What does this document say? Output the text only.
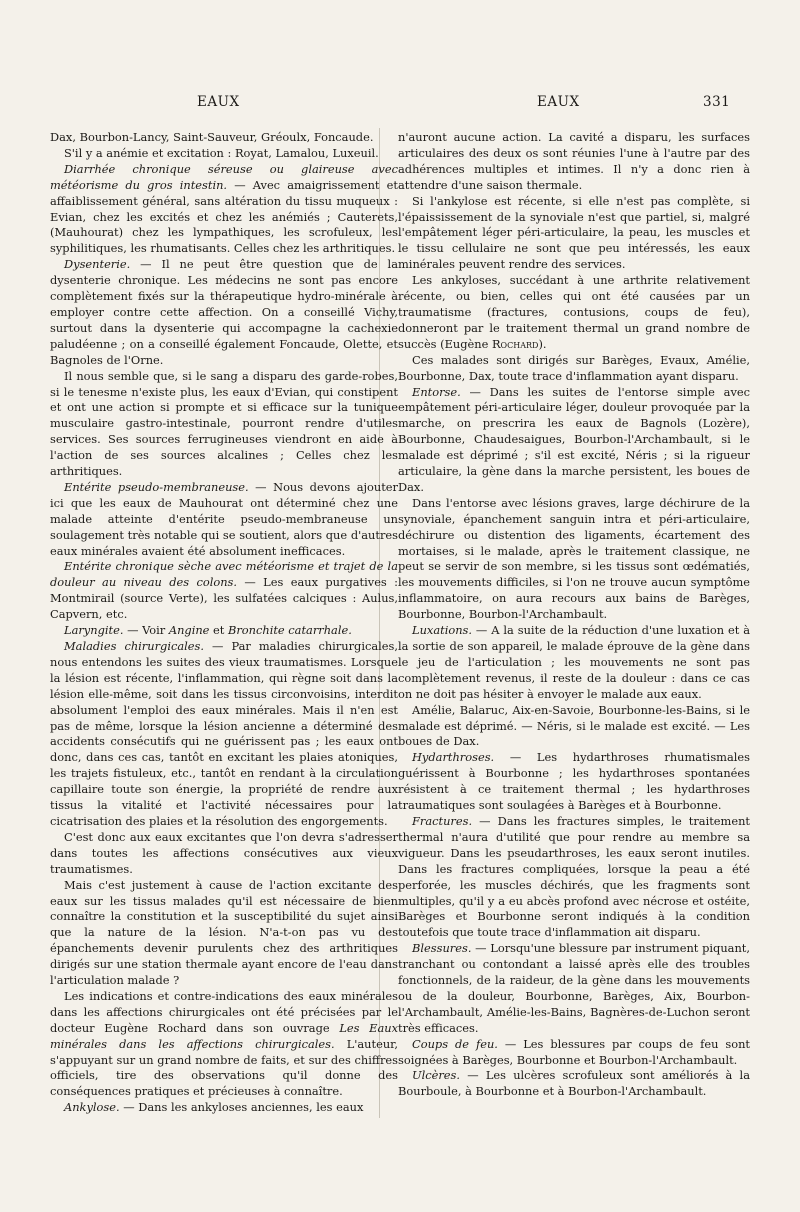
EAUX	EAUX	331

Dax, Bourbon-Lancy, Saint-Sauveur, Gréoulx, Foncaude.

S'il y a anémie et excitation : Royat, Lamalou, Luxeuil.

Diarrhée chronique séreuse ou glaireuse avec météorisme du gros intestin. — Avec amaigrissement et affaiblissement général, sans altération du tissu muqueux : Evian, chez les excités et chez les anémiés ; Cauterets, (Mauhourat) chez les lympathiques, les scrofuleux, les syphilitiques, les rhumatisants. Celles chez les arthritiques.

Dysenterie. — Il ne peut être question que de la dysenterie chronique. Les médecins ne sont pas encore complètement fixés sur la thérapeutique hydro-minérale à employer contre cette affection. On a conseillé Vichy, surtout dans la dysenterie qui accompagne la cachexie paludéenne ; on a conseillé également Foncaude, Olette, et Bagnoles de l'Orne.

Il nous semble que, si le sang a disparu des garde-robes, si le tenesme n'existe plus, les eaux d'Evian, qui constipent et ont une action si prompte et si efficace sur la tunique musculaire gastro-intestinale, pourront rendre d'utiles services. Ses sources ferrugineuses viendront en aide à l'action de ses sources alcalines ; Celles chez les arthritiques.

Entérite pseudo-membraneuse. — Nous devons ajouter ici que les eaux de Mauhourat ont déterminé chez une malade atteinte d'entérite pseudo-membraneuse un soulagement très notable qui se soutient, alors que d'autres eaux minérales avaient été absolument inefficaces.

Entérite chronique sèche avec météorisme et trajet de la douleur au niveau des colons. — Les eaux purgatives : Montmirail (source Verte), les sulfatées calciques : Aulus, Capvern, etc.

Laryngite. — Voir Angine et Bronchite catarrhale.

Maladies chirurgicales. — Par maladies chirurgicales, nous entendons les suites des vieux traumatismes. Lorsque la lésion est récente, l'inflammation, qui règne soit dans la lésion elle-même, soit dans les tissus circonvoisins, interdit absolument l'emploi des eaux minérales. Mais il n'en est pas de même, lorsque la lésion ancienne a déterminé des accidents consécutifs qui ne guérissent pas ; les eaux ont donc, dans ces cas, tantôt en excitant les plaies atoniques, les trajets fistuleux, etc., tantôt en rendant à la circulation capillaire toute son énergie, la propriété de rendre aux tissus la vitalité et l'activité nécessaires pour la cicatrisation des plaies et la résolution des engorgements.

C'est donc aux eaux excitantes que l'on devra s'adresser dans toutes les affections consécutives aux vieux traumatismes.

Mais c'est justement à cause de l'action excitante des eaux sur les tissus malades qu'il est nécessaire de bien connaître la constitution et la susceptibilité du sujet ainsi que la nature de la lésion. N'a-t-on pas vu des épanchements devenir purulents chez des arthritiques dirigés sur une station thermale ayant encore de l'eau dans l'articulation malade ?

Les indications et contre-indications des eaux minérales dans les affections chirurgicales ont été précisées par le docteur Eugène Rochard dans son ouvrage Les Eaux minérales dans les affections chirurgicales. L'auteur, s'appuyant sur un grand nombre de faits, et sur des chiffres officiels, tire des observations qu'il donne des conséquences pratiques et précieuses à connaître.

Ankylose. — Dans les ankyloses anciennes, les eaux

n'auront aucune action. La cavité a disparu, les surfaces articulaires des deux os sont réunies l'une à l'autre par des adhérences multiples et intimes. Il n'y a donc rien à attendre d'une saison thermale.

Si l'ankylose est récente, si elle n'est pas complète, si l'épaississement de la synoviale n'est que partiel, si, malgré l'empâtement léger péri-articulaire, la peau, les muscles et le tissu cellulaire ne sont que peu intéressés, les eaux minérales peuvent rendre des services.

Les ankyloses, succédant à une arthrite relativement récente, ou bien, celles qui ont été causées par un traumatisme (fractures, contusions, coups de feu), donneront par le traitement thermal un grand nombre de succès (Eugène Rochard).

Ces malades sont dirigés sur Barèges, Evaux, Amélie, Bourbonne, Dax, toute trace d'inflammation ayant disparu.

Entorse. — Dans les suites de l'entorse simple avec empâtement péri-articulaire léger, douleur provoquée par la marche, on prescrira les eaux de Bagnols (Lozère), Bourbonne, Chaudesaigues, Bourbon-l'Archambault, si le malade est déprimé ; s'il est excité, Néris ; si la rigueur articulaire, la gène dans la marche persistent, les boues de Dax.

Dans l'entorse avec lésions graves, large déchirure de la synoviale, épanchement sanguin intra et péri-articulaire, déchirure ou distention des ligaments, écartement des mortaises, si le malade, après le traitement classique, ne peut se servir de son membre, si les tissus sont œdématiés, les mouvements difficiles, si l'on ne trouve aucun symptôme inflammatoire, on aura recours aux bains de Barèges, Bourbonne, Bourbon-l'Archambault.

Luxations. — A la suite de la réduction d'une luxation et à la sortie de son appareil, le malade éprouve de la gène dans le jeu de l'articulation ; les mouvements ne sont pas complètement revenus, il reste de la douleur : dans ce cas on ne doit pas hésiter à envoyer le malade aux eaux.

Amélie, Balaruc, Aix-en-Savoie, Bourbonne-les-Bains, si le malade est déprimé. — Néris, si le malade est excité. — Les boues de Dax.

Hydarthroses. — Les hydarthroses rhumatismales guérissent à Bourbonne ; les hydarthroses spontanées résistent à ce traitement thermal ; les hydarthroses traumatiques sont soulagées à Barèges et à Bourbonne.

Fractures. — Dans les fractures simples, le traitement thermal n'aura d'utilité que pour rendre au membre sa vigueur. Dans les pseudarthroses, les eaux seront inutiles. Dans les fractures compliquées, lorsque la peau a été perforée, les muscles déchirés, que les fragments sont multiples, qu'il y a eu abcès profond avec nécrose et ostéite, Barèges et Bourbonne seront indiqués à la condition toutefois que toute trace d'inflammation ait disparu.

Blessures. — Lorsqu'une blessure par instrument piquant, tranchant ou contondant a laissé après elle des troubles fonctionnels, de la raideur, de la gène dans les mouvements ou de la douleur, Bourbonne, Barèges, Aix, Bourbon-l'Archambault, Amélie-les-Bains, Bagnères-de-Luchon seront très efficaces.

Coups de feu. — Les blessures par coups de feu sont soignées à Barèges, Bourbonne et Bourbon-l'Archambault.

Ulcères. — Les ulcères scrofuleux sont améliorés à la Bourboule, à Bourbonne et à Bourbon-l'Archambault.
